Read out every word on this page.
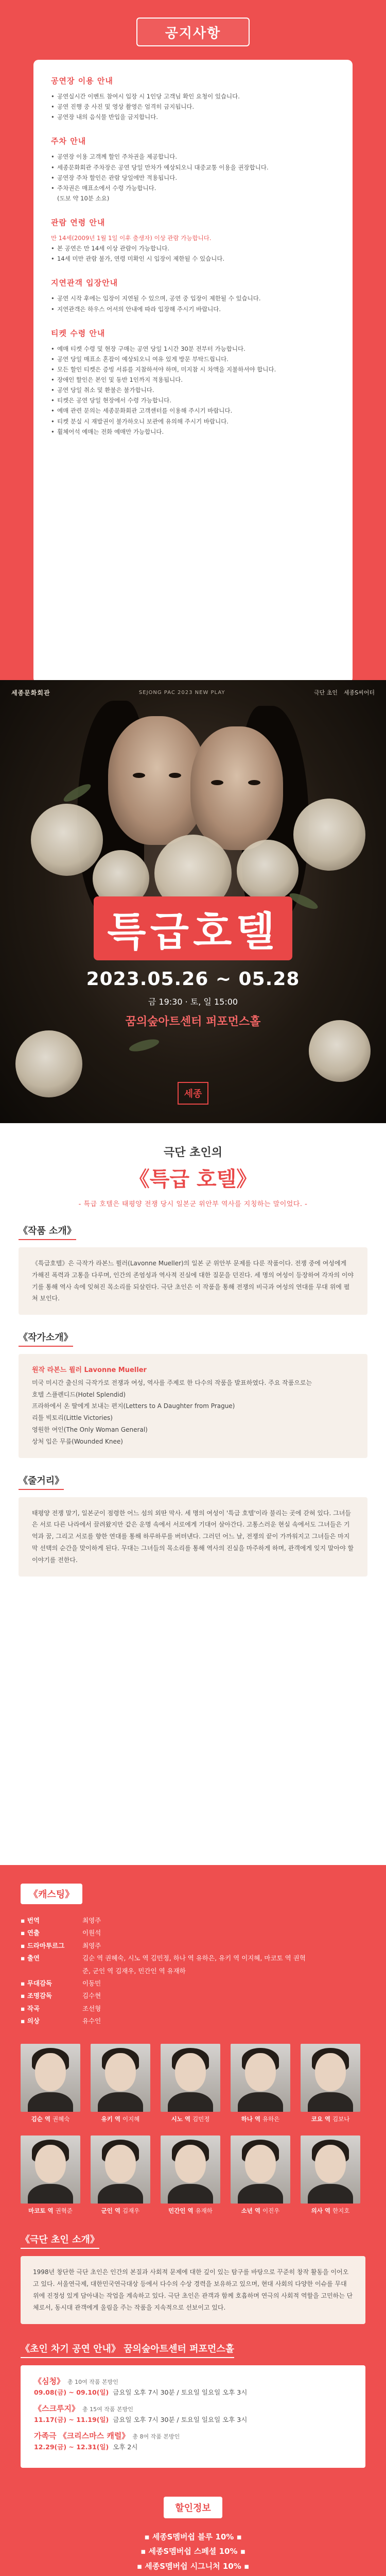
공지사항
공연장 이용 안내
• 공연실시간 이벤트 참여시 입장 시 1인당 고객님 확인 요청이 있습니다.
• 공연 진행 중 사진 및 영상 촬영은 엄격히 금지됩니다.
• 공연장 내의 음식물 반입을 금지합니다.
주차 안내
• 공연장 이용 고객께 할인 주차권을 제공합니다.
• 세종문화회관 주차장은 공연 당일 만차가 예상되오니 대중교통 이용을 권장합니다.
• 공연장 주차 할인은 관람 당일에만 적용됩니다.
• 주차권은 매표소에서 수령 가능합니다.
(도보 약 10분 소요)
관람 연령 안내
만 14세(2009년 1월 1일 이후 출생자) 이상 관람 가능합니다.
• 본 공연은 만 14세 이상 관람이 가능합니다.
• 14세 미만 관람 불가, 연령 미확인 시 입장이 제한될 수 있습니다.
지연관객 입장안내
• 공연 시작 후에는 입장이 지연될 수 있으며, 공연 중 입장이 제한될 수 있습니다.
• 지연관객은 하우스 어셔의 안내에 따라 입장해 주시기 바랍니다.
티켓 수령 안내
• 예매 티켓 수령 및 현장 구매는 공연 당일 1시간 30분 전부터 가능합니다.
• 공연 당일 매표소 혼잡이 예상되오니 여유 있게 방문 부탁드립니다.
• 모든 할인 티켓은 증빙 서류를 지참하셔야 하며, 미지참 시 차액을 지불하셔야 합니다.
• 장애인 할인은 본인 및 동반 1인까지 적용됩니다.
• 공연 당일 취소 및 환불은 불가합니다.
• 티켓은 공연 당일 현장에서 수령 가능합니다.
• 예매 관련 문의는 세종문화회관 고객센터를 이용해 주시기 바랍니다.
• 티켓 분실 시 재발권이 불가하오니 보관에 유의해 주시기 바랍니다.
• 휠체어석 예매는 전화 예매만 가능합니다.
세종문화회관	SEJONG PAC 2023 NEW PLAY	극단 초인 세종S씨어터
특급호텔
2023.05.26 ~ 05.28
금 19:30 · 토, 일 15:00
꿈의숲아트센터 퍼포먼스홀
세종
극단 초인의
《특급 호텔》
- 특급 호텔은 태평양 전쟁 당시 일본군 위안부 역사를 지칭하는 말이었다. -
《작품 소개》

《특급호텔》은 극작가 라본느 뮐러(Lavonne Mueller)의 일본 군 위안부 문제를 다룬 작품이다. 전쟁 중에 여성에게 가해진 폭력과 고통을 다루며, 인간의 존엄성과 역사적 진실에 대한 질문을 던진다. 세 명의 여성이 등장하여 각자의 이야기를 통해 역사 속에 잊혀진 목소리를 되살린다. 극단 초인은 이 작품을 통해 전쟁의 비극과 여성의 연대를 무대 위에 펼쳐 보인다.

《작가소개》
원작 라본느 뮐러 Lavonne Mueller
미국 미시간 출신의 극작가로 전쟁과 여성, 역사를 주제로 한 다수의 작품을 발표하였다. 주요 작품으로는
호텔 스플렌디드(Hotel Splendid)
프라하에서 온 딸에게 보내는 편지(Letters to A Daughter from Prague)
리틀 빅토리(Little Victories)
영원한 여인(The Only Woman General)
상처 입은 무릎(Wounded Knee)
《줄거리》

태평양 전쟁 말기, 일본군이 점령한 어느 섬의 외딴 막사. 세 명의 여성이 '특급 호텔'이라 불리는 곳에 갇혀 있다. 그녀들은 서로 다른 나라에서 끌려왔지만 같은 운명 속에서 서로에게 기대어 살아간다. 고통스러운 현실 속에서도 그녀들은 기억과 꿈, 그리고 서로를 향한 연대를 통해 하루하루를 버텨낸다. 그러던 어느 날, 전쟁의 끝이 가까워지고 그녀들은 마지막 선택의 순간을 맞이하게 된다. 무대는 그녀들의 목소리를 통해 역사의 진실을 마주하게 하며, 관객에게 잊지 말아야 할 이야기를 전한다.

《캐스팅》
▪ 번역	최영주
▪ 연출	이원석
▪ 드라마투르그	최영주
▪ 출연	김순 역 권혜숙, 시노 역 김민정, 하나 역 유하은, 유키 역 이지혜, 마코토 역 권혁준, 군인 역 김재우, 민간인 역 유재하
▪ 무대감독	이동민
▪ 조명감독	김수현
▪ 작곡	조선형
▪ 의상	유수인
김순 역 권혜숙	유키 역 이지혜	시노 역 김민정	하나 역 유하은	코요 역 김보나
마코토 역 권혁준	군인 역 김재우	민간인 역 유재하	소년 역 이진우	의사 역 한지호
《극단 초인 소개》

1998년 창단한 극단 초인은 인간의 본질과 사회적 문제에 대한 깊이 있는 탐구를 바탕으로 꾸준히 창작 활동을 이어오고 있다. 서울연극제, 대한민국연극대상 등에서 다수의 수상 경력을 보유하고 있으며, 현대 사회의 다양한 이슈를 무대 위에 진정성 있게 담아내는 작업을 계속하고 있다. 극단 초인은 관객과 함께 호흡하며 연극의 사회적 역할을 고민하는 단체로서, 동시대 관객에게 울림을 주는 작품을 지속적으로 선보이고 있다.

《초인 차기 공연 안내》 꿈의숲아트센터 퍼포먼스홀
《심청》 총 10여 작품 본방인
09.08(금) ~ 09.10(일) 금요일 오후 7시 30분 / 토요일 일요일 오후 3시
《스크루지》 총 15여 작품 본방인
11.17(금) ~ 11.19(일) 금요일 오후 7시 30분 / 토요일 일요일 오후 3시
가족극 《크리스마스 캐럴》 총 8여 작품 본방인
12.29(금) ~ 12.31(일) 오후 2시
할인정보
▪ 세종S멤버쉽 블루 10% ▪
▪ 세종S멤버쉽 스페셜 10% ▪
▪ 세종S멤버쉽 시그니처 10% ▪
